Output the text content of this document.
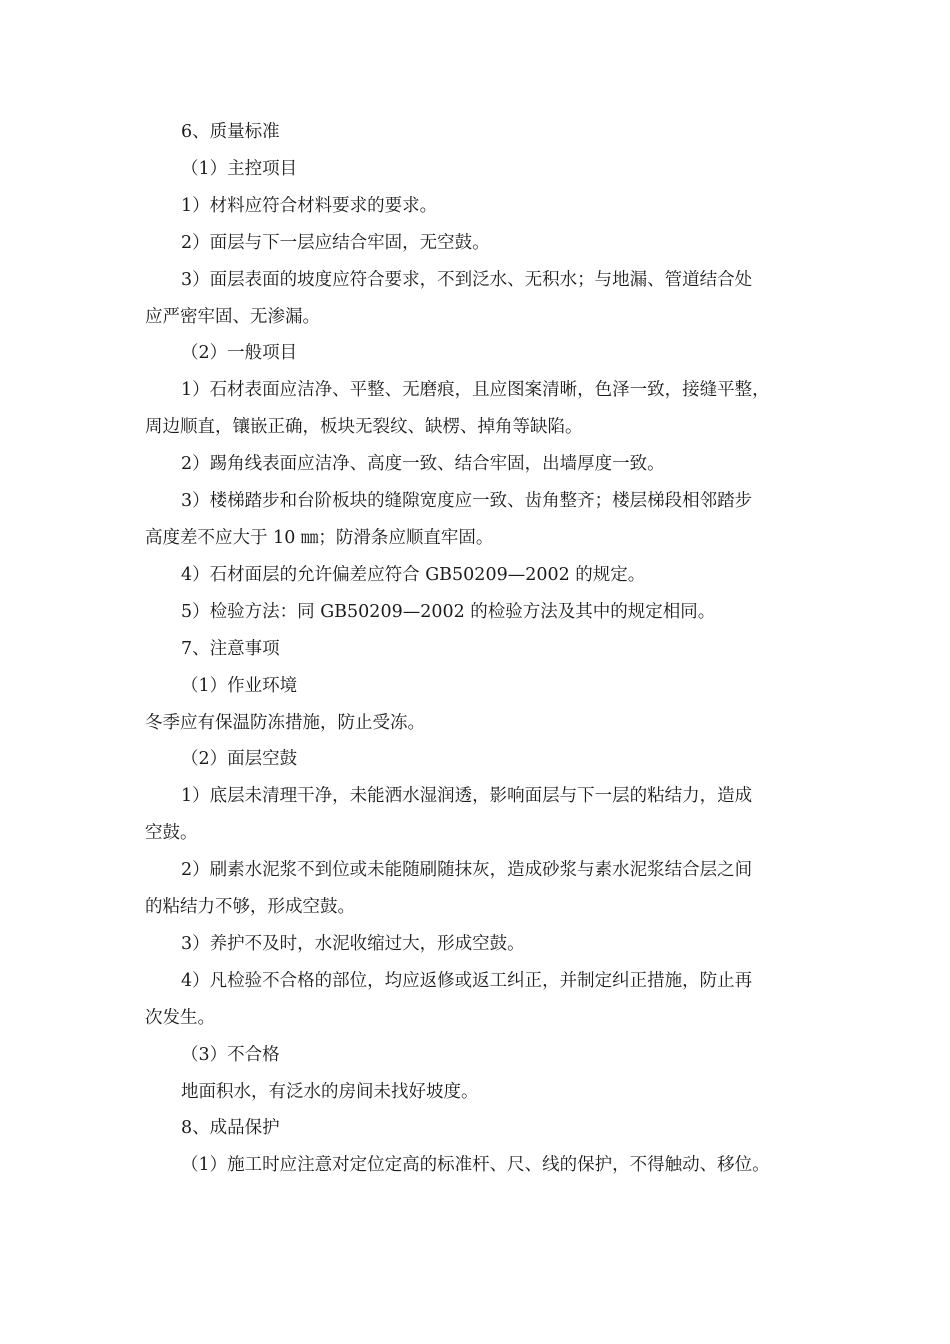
6、质量标准

（1）主控项目

1）材料应符合材料要求的要求。

2）面层与下一层应结合牢固，无空鼓。

3）面层表面的坡度应符合要求，不到泛水、无积水；与地漏、管道结合处

应严密牢固、无渗漏。

（2）一般项目

1）石材表面应洁净、平整、无磨痕，且应图案清晰，色泽一致，接缝平整，

周边顺直，镶嵌正确，板块无裂纹、缺楞、掉角等缺陷。

2）踢角线表面应洁净、高度一致、结合牢固，出墙厚度一致。

3）楼梯踏步和台阶板块的缝隙宽度应一致、齿角整齐；楼层梯段相邻踏步

高度差不应大于 10 ㎜；防滑条应顺直牢固。

4）石材面层的允许偏差应符合 GB50209—2002 的规定。

5）检验方法：同 GB50209—2002 的检验方法及其中的规定相同。

7、注意事项

（1）作业环境

冬季应有保温防冻措施，防止受冻。

（2）面层空鼓

1）底层未清理干净，未能洒水湿润透，影响面层与下一层的粘结力，造成

空鼓。

2）刷素水泥浆不到位或未能随刷随抹灰，造成砂浆与素水泥浆结合层之间

的粘结力不够，形成空鼓。

3）养护不及时，水泥收缩过大，形成空鼓。

4）凡检验不合格的部位，均应返修或返工纠正，并制定纠正措施，防止再

次发生。

（3）不合格

地面积水，有泛水的房间未找好坡度。

8、成品保护

（1）施工时应注意对定位定高的标准杆、尺、线的保护，不得触动、移位。
